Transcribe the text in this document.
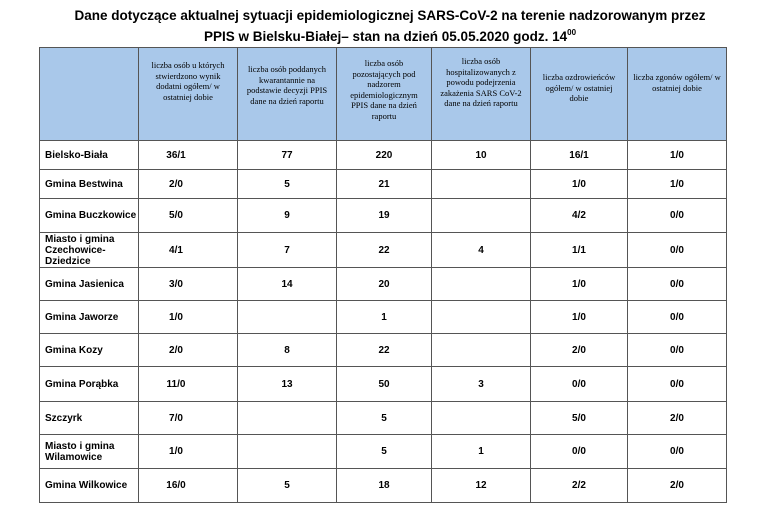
Dane dotyczące aktualnej sytuacji epidemiologicznej SARS-CoV-2 na terenie nadzorowanym przez
PPIS w Bielsku-Białej– stan na dzień 05.05.2020 godz. $14^{00}$

	liczba osób u których stwierdzono wynik dodatni ogółem/ w ostatniej dobie	liczba osób poddanych kwarantannie na podstawie decyzji PPIS dane na dzień raportu	liczba osób pozostających pod nadzorem epidemiologicznym PPIS dane na dzień raportu	liczba osób hospitalizowanych z powodu podejrzenia zakażenia SARS CoV-2 dane na dzień raportu	liczba ozdrowieńców ogółem/ w ostatniej dobie	liczba zgonów ogółem/ w ostatniej dobie

Bielsko-Biała	36/1	77	220	10	16/1	1/0
Gmina Bestwina	2/0	5	21		1/0	1/0
Gmina Buczkowice	5/0	9	19		4/2	0/0
Miasto i gmina Czechowice-Dziedzice	4/1	7	22	4	1/1	0/0
Gmina Jasienica	3/0	14	20		1/0	0/0
Gmina Jaworze	1/0		1		1/0	0/0
Gmina Kozy	2/0	8	22		2/0	0/0
Gmina Porąbka	11/0	13	50	3	0/0	0/0
Szczyrk	7/0		5		5/0	2/0
Miasto i gmina Wilamowice	1/0		5	1	0/0	0/0
Gmina Wilkowice	16/0	5	18	12	2/2	2/0
